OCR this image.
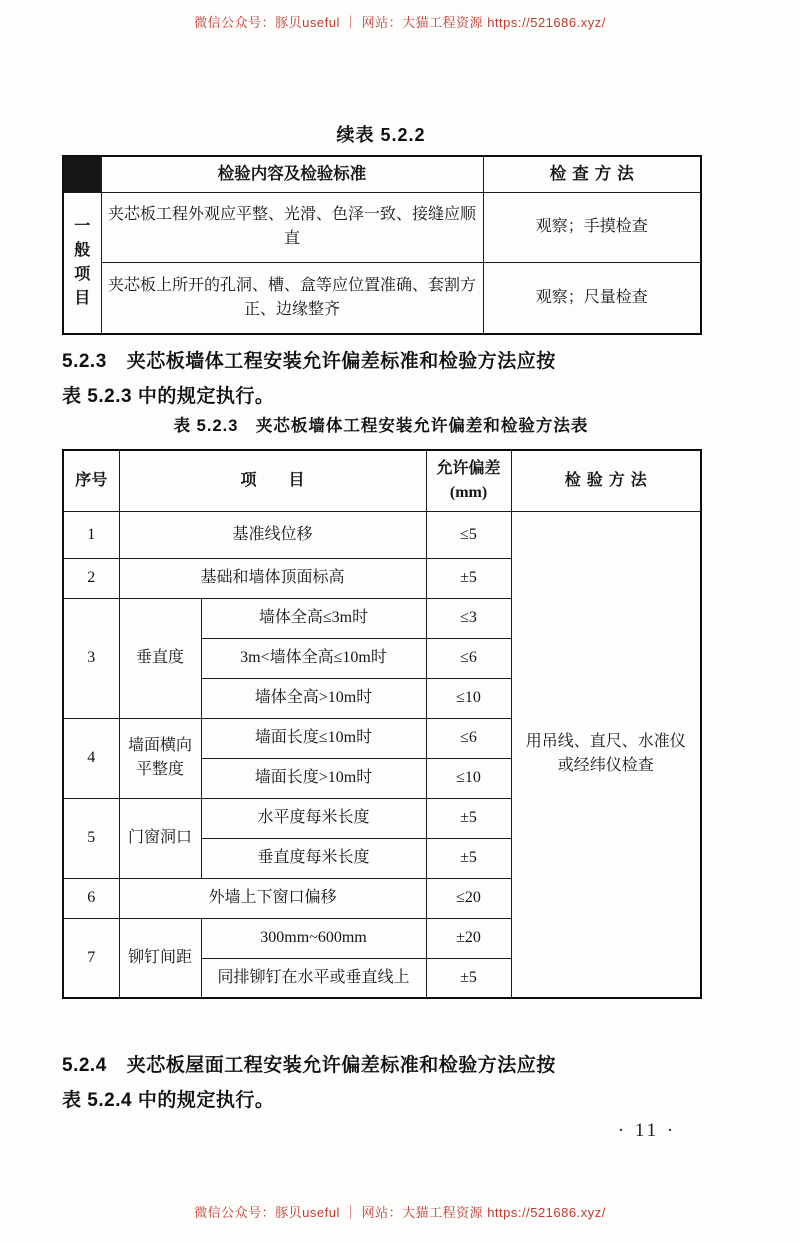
微信公众号：豚贝useful ｜ 网站：大猫工程资源 https://521686.xyz/
续表 5.2.2
	检验内容及检验标准	检查方法
一般项目	夹芯板工程外观应平整、光滑、色泽一致、接缝应顺直	观察；手摸检查
	夹芯板上所开的孔洞、槽、盒等应位置准确、套割方正、边缘整齐	观察；尺量检查

5.2.3 夹芯板墙体工程安装允许偏差标准和检验方法应按
表 5.2.3 中的规定执行。

表 5.2.3　夹芯板墙体工程安装允许偏差和检验方法表
序号	项　　目		允许偏差
(mm)	检验方法
1	基准线位移		≤5	用吊线、直尺、水准仪
或经纬仪检查

2	基础和墙体顶面标高		±5	
3	垂直度	墙体全高≤3m时	≤3	
		3m<墙体全高≤10m时	≤6	
		墙体全高>10m时	≤10	
4	墙面横向平整度	墙面长度≤10m时	≤6	
		墙面长度>10m时	≤10	
5	门窗洞口	水平度每米长度	±5	
		垂直度每米长度	±5	
6	外墙上下窗口偏移		≤20	
7	铆钉间距	300mm~600mm	±20	
		同排铆钉在水平或垂直线上	±5	

5.2.4 夹芯板屋面工程安装允许偏差标准和检验方法应按
表 5.2.4 中的规定执行。

· 11 ·
微信公众号：豚贝useful ｜ 网站：大猫工程资源 https://521686.xyz/
